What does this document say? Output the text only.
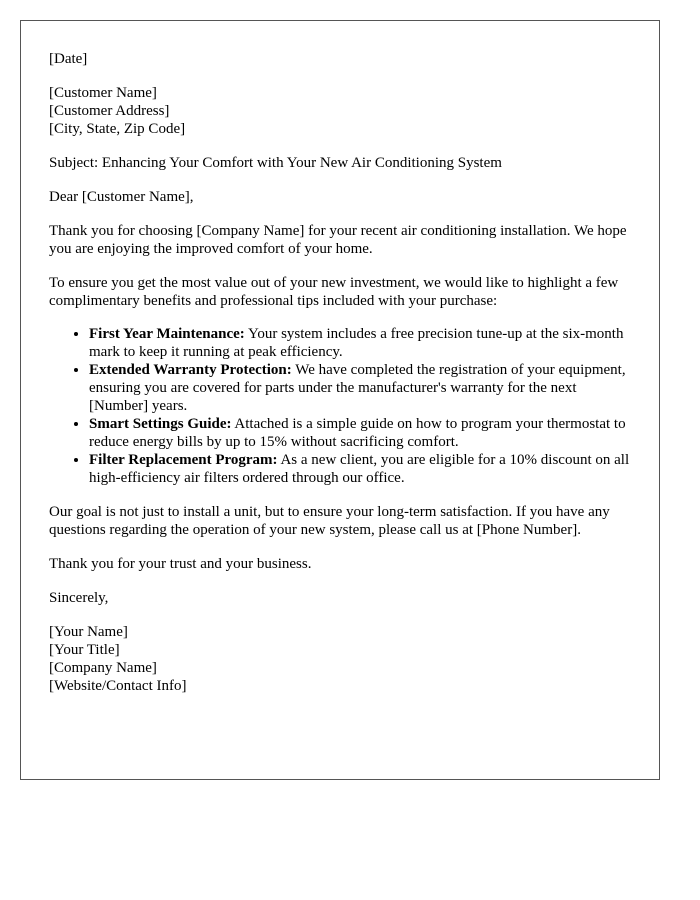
[Date]

[Customer Name]
[Customer Address]
[City, State, Zip Code]

Subject: Enhancing Your Comfort with Your New Air Conditioning System

Dear [Customer Name],

Thank you for choosing [Company Name] for your recent air conditioning installation. We hope you are enjoying the improved comfort of your home.

To ensure you get the most value out of your new investment, we would like to highlight a few complimentary benefits and professional tips included with your purchase:

• First Year Maintenance: Your system includes a free precision tune-up at the six-month mark to keep it running at peak efficiency.
• Extended Warranty Protection: We have completed the registration of your equipment, ensuring you are covered for parts under the manufacturer's warranty for the next [Number] years.
• Smart Settings Guide: Attached is a simple guide on how to program your thermostat to reduce energy bills by up to 15% without sacrificing comfort.
• Filter Replacement Program: As a new client, you are eligible for a 10% discount on all high-efficiency air filters ordered through our office.

Our goal is not just to install a unit, but to ensure your long-term satisfaction. If you have any questions regarding the operation of your new system, please call us at [Phone Number].

Thank you for your trust and your business.

Sincerely,

[Your Name]
[Your Title]
[Company Name]
[Website/Contact Info]
